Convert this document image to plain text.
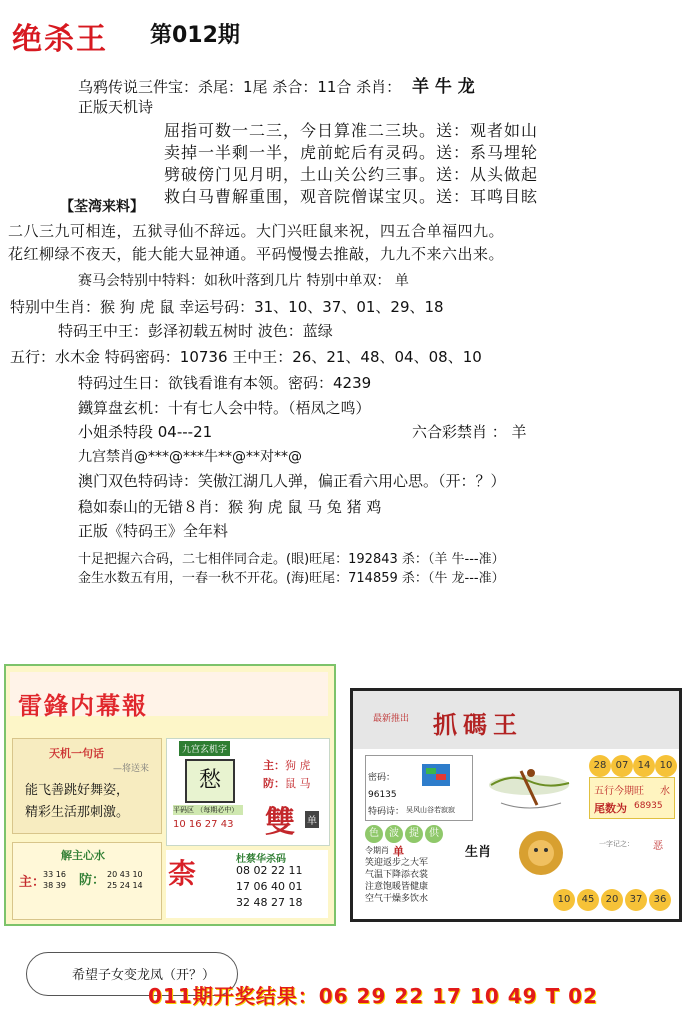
绝杀王 第012期
乌鸦传说三件宝：杀尾：1尾 杀合：11合 杀肖： 羊 牛 龙
正版天机诗
屈指可数一二三，今日算准二三块。送：观者如山
卖掉一半剩一半，虎前蛇后有灵码。送：系马埋轮
劈破傍门见月明，土山关公约三事。送：从头做起
救白马曹解重围，观音院僧谋宝贝。送：耳鸣目眩
【荃湾来料】
二八三九可相连，五狱寻仙不辞远。大门兴旺鼠来祝，四五合单福四九。
花红柳绿不夜天，能大能大显神通。平码慢慢去推敲，九九不来六出来。
赛马会特别中特料：如秋叶落到几片 特别中单双： 单
特别中生肖：猴 狗 虎 鼠 幸运号码：31、10、37、01、29、18
特码王中王：彭泽初载五树时 波色：蓝绿
五行：水木金 特码密码：10736 王中王：26、21、48、04、08、10
特码过生日：欲钱看谁有本领。密码：4239
鐵算盘玄机：十有七人会中特。（梧凤之鸣）
小姐杀特段 04---21	六合彩禁肖 ： 羊
九宫禁肖@***@***牛**@**对**@
澳门双色特码诗：笑傲江湖几人弹，偏正看六用心思。（开：？）
稳如泰山的无错８肖：猴 狗 虎 鼠 马 兔 猪 鸡
正版《特码王》全年料
十足把握六合码，二七相伴同合走。(眼)旺尾：192843 杀：（羊 牛---准）
金生水数五有用，一春一秋不开花。(海)旺尾：714859 杀：（牛 龙---准）
雷鋒内幕報
天机一句话
—将送来
能飞善跳好舞姿，
精彩生活那刺激。
九宫玄机字
愁
主： 狗 虎
防： 鼠 马
平码区 （每期必中）
10 16 27 43 雙 单
解主心水
主：
33 16
38 39 防： 20 43 10
25 24 14 柰	杜蔡华杀码
08 02 22 11
17 06 40 01
32 48 27 18
最新推出 抓碼王
28 07 14 10
密码：
96135
特码诗： 吴风山谷若寂寂
五行今期旺 水
尾数为 68935
一字记之： 恶
色	波	提	供
令期肖 单
笑迎返步之大军
气温下降添衣裳
注意饱暖皆健康
空气干燥多饮水
生肖
10	45	20	37	36
希望子女变龙凤（开？）
011期开奖结果：06 29 22 17 10 49 T 02
